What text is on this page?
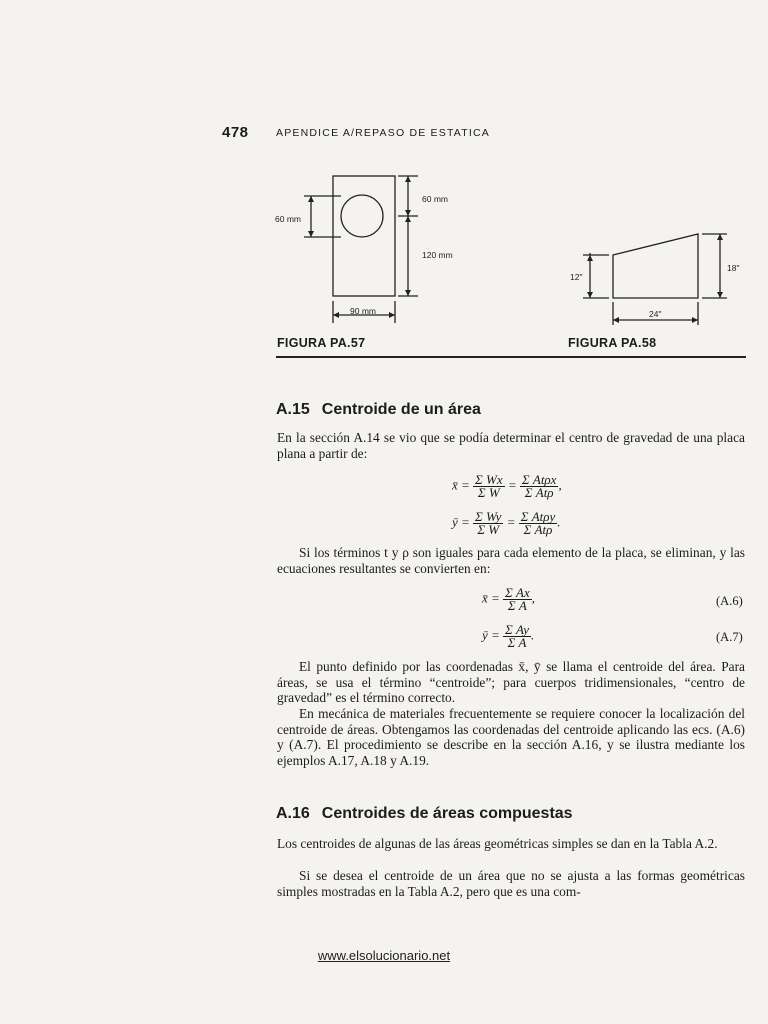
478	APENDICE A/REPASO DE ESTATICA
60 mm
60 mm
120 mm
90 mm
FIGURA PA.57
12"
18"
24"
FIGURA PA.58
A.15 Centroide de un área

En la sección A.14 se vio que se podía determinar el centro de gravedad de una placa plana a partir de:

x̄ = $\frac{\text{Σ Wx}}{\text{Σ W}} = \frac{\text{Σ Atρx}}{\text{Σ Atρ}}$ ,
ȳ = $\frac{\text{Σ Wy}}{\text{Σ W}} = \frac{\text{Σ Atρy}}{\text{Σ Atρ}}$ .

Si los términos t y ρ son iguales para cada elemento de la placa, se eliminan, y las ecuaciones resultantes se convierten en:

x̄ = $\frac{\text{Σ Ax}}{\text{Σ A}}$ ,	(A.6)
ȳ = $\frac{\text{Σ Ay}}{\text{Σ A}}$ .	(A.7)

El punto definido por las coordenadas x̄, ȳ se llama el centroide del área. Para áreas, se usa el término “centroide”; para cuerpos tridimensionales, “centro de gravedad” es el término correcto.

En mecánica de materiales frecuentemente se requiere conocer la localización del centroide de áreas. Obtengamos las coordenadas del centroide aplicando las ecs. (A.6) y (A.7). El procedimiento se describe en la sección A.16, y se ilustra mediante los ejemplos A.17, A.18 y A.19.

A.16 Centroides de áreas compuestas

Los centroides de algunas de las áreas geométricas simples se dan en la Tabla A.2.

Si se desea el centroide de un área que no se ajusta a las formas geométricas simples mostradas en la Tabla A.2, pero que es una com-

www.elsolucionario.net
